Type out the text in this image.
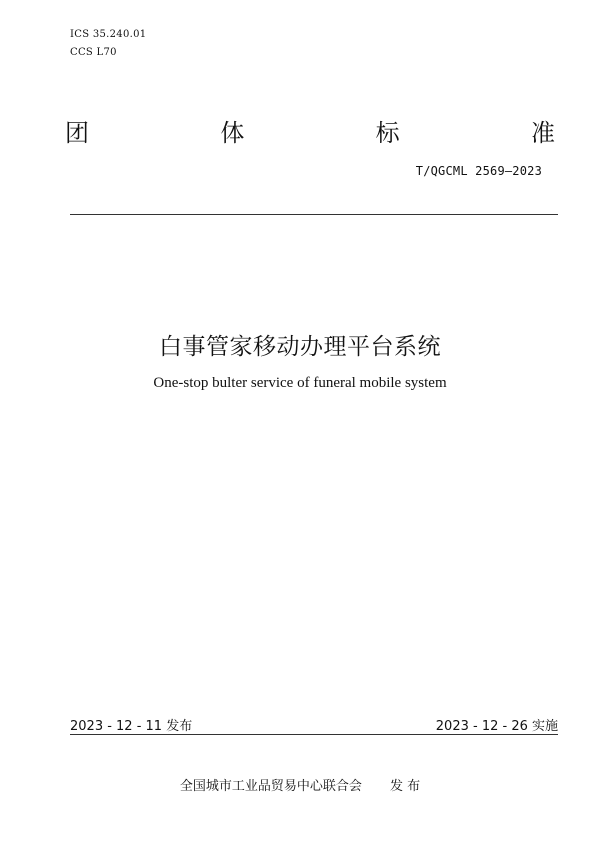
ICS 35.240.01
CCS L70
团	体	标	准
T/QGCML 2569—2023
白事管家移动办理平台系统
One-stop bulter service of funeral mobile system
2023 - 12 - 11 发布	2023 - 12 - 26 实施
全国城市工业品贸易中心联合会 发 布
